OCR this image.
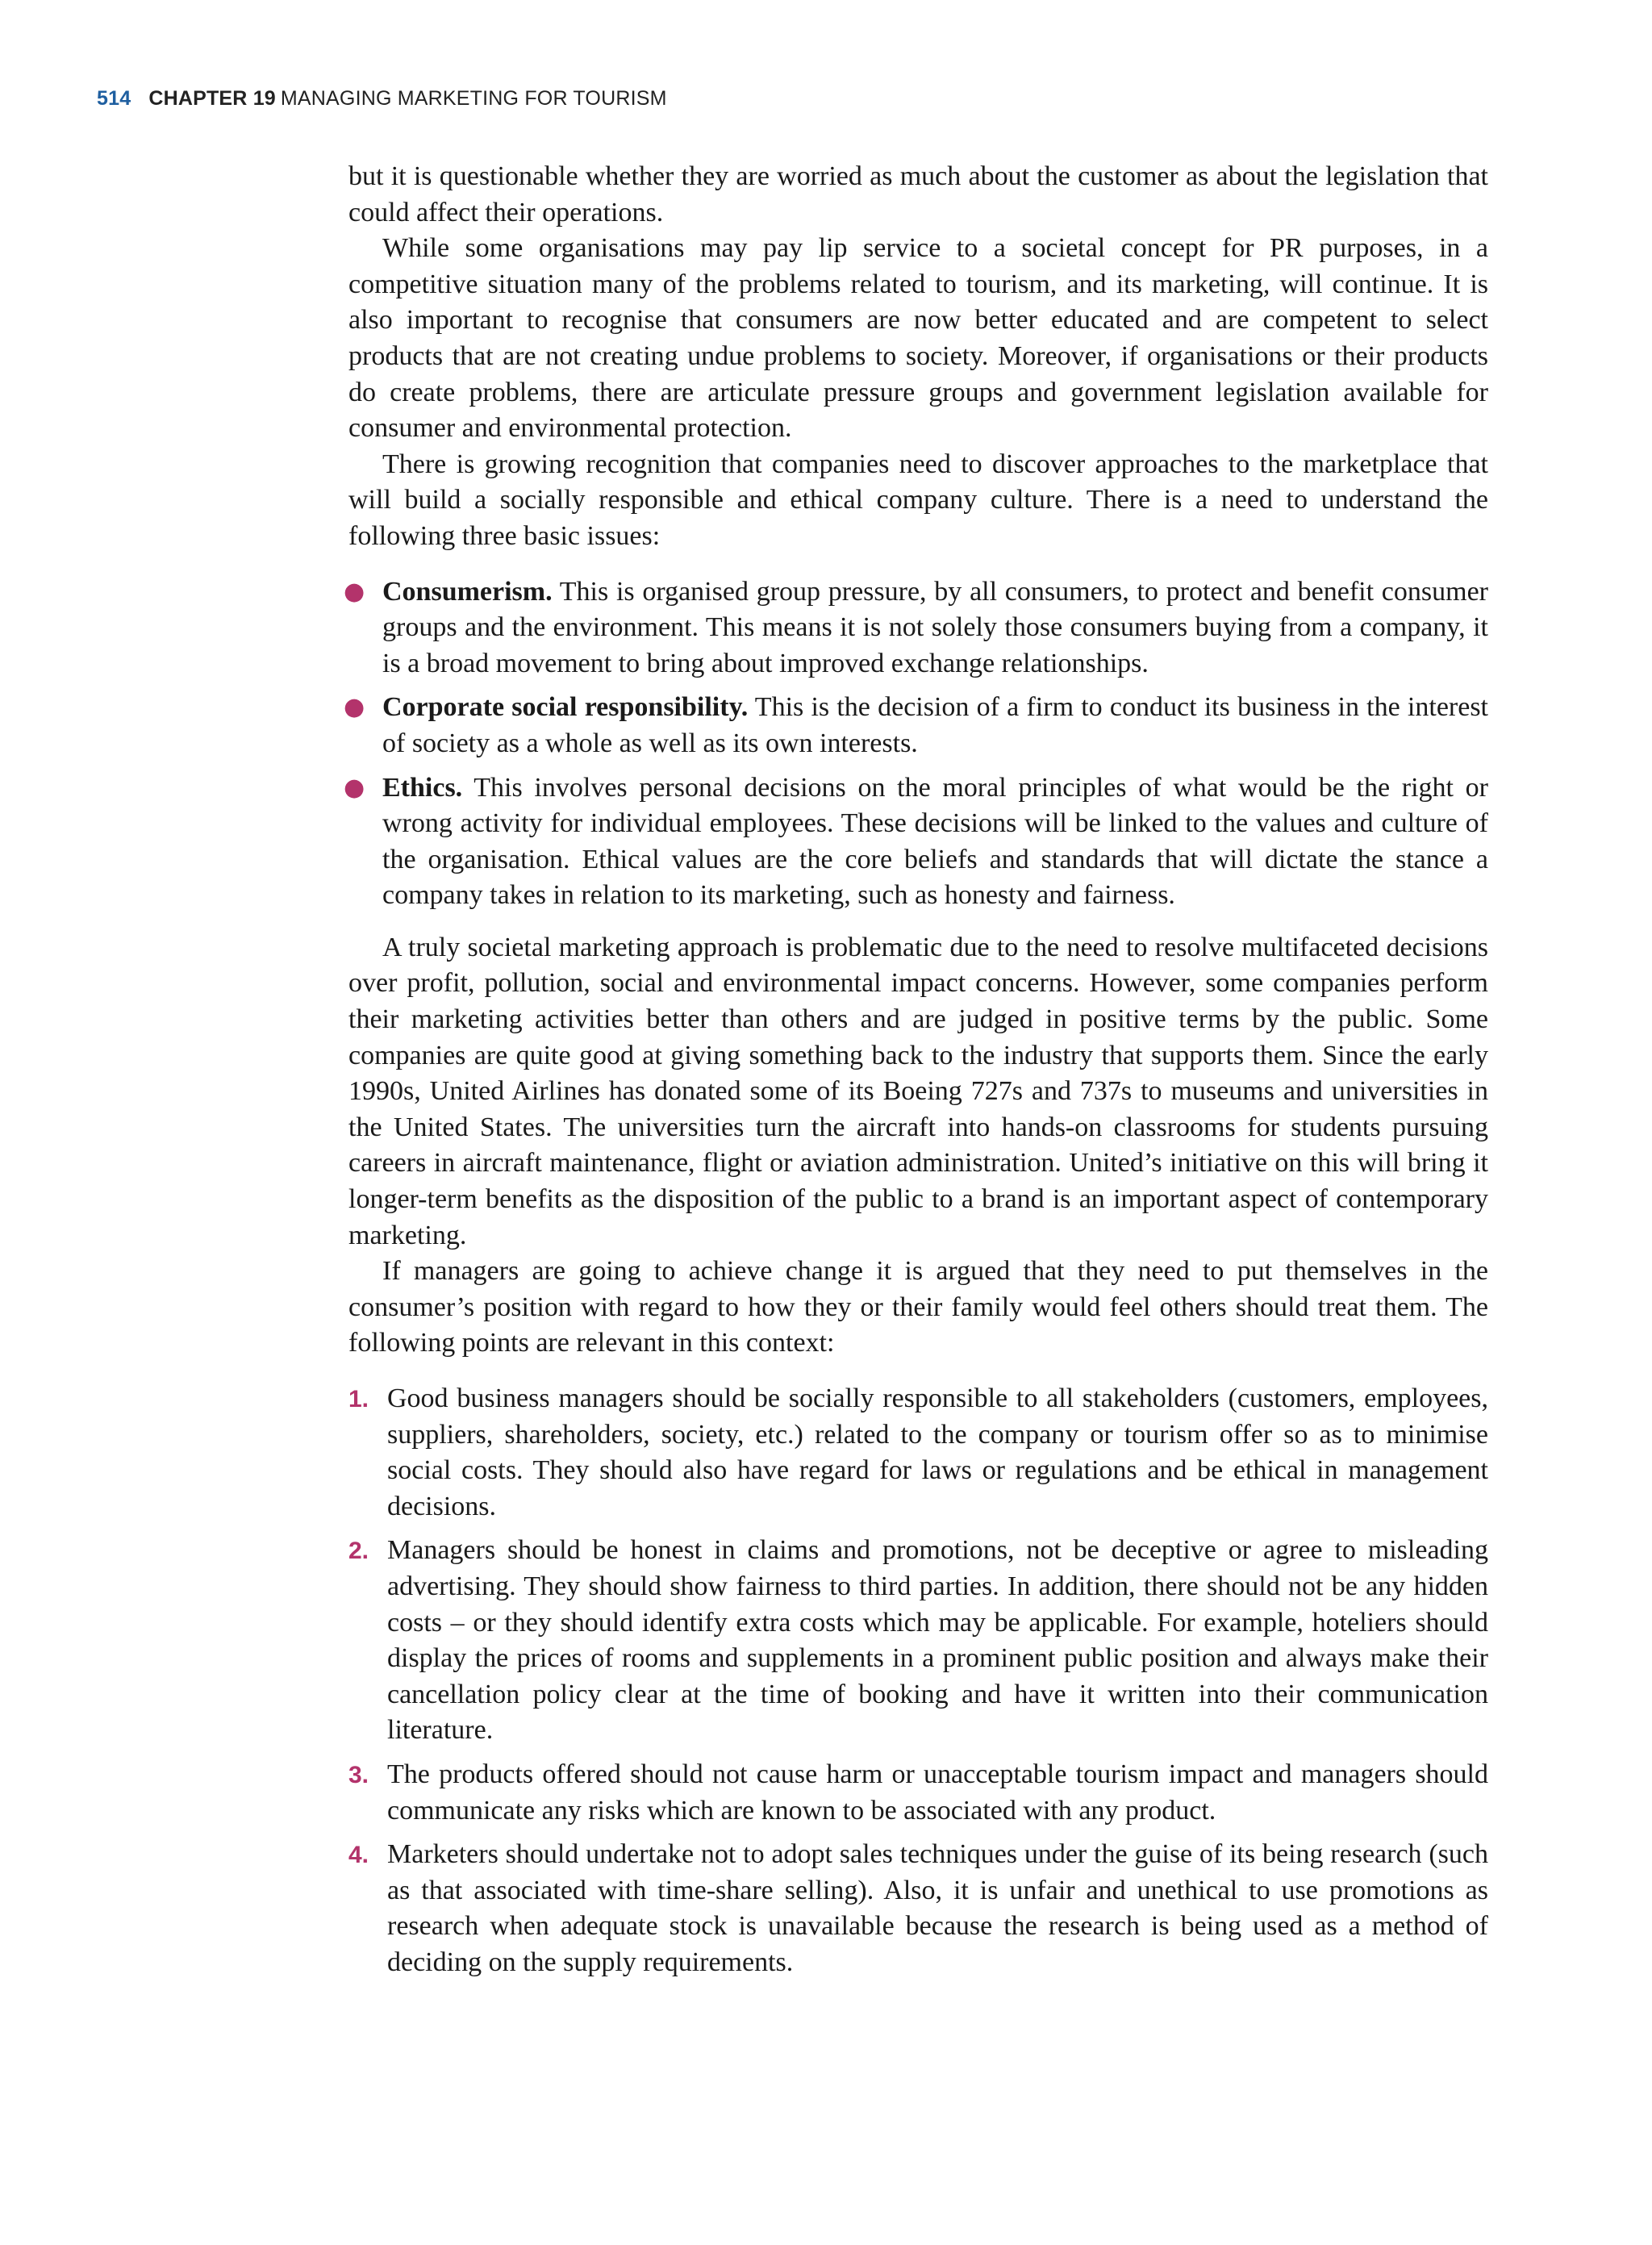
514 CHAPTER 19 MANAGING MARKETING FOR TOURISM

but it is questionable whether they are worried as much about the customer as about the legislation that could affect their operations.

While some organisations may pay lip service to a societal concept for PR purposes, in a competitive situation many of the problems related to tourism, and its marketing, will continue. It is also important to recognise that consumers are now better educated and are competent to select products that are not creating undue problems to society. Moreover, if organisations or their products do create problems, there are articulate pressure groups and government legislation available for consumer and environmental protection.

There is growing recognition that companies need to discover approaches to the marketplace that will build a socially responsible and ethical company culture. There is a need to understand the following three basic issues:

● Consumerism. This is organised group pressure, by all consumers, to protect and benefit consumer groups and the environment. This means it is not solely those consumers buying from a company, it is a broad movement to bring about improved exchange relationships.
● Corporate social responsibility. This is the decision of a firm to conduct its business in the interest of society as a whole as well as its own interests.
● Ethics. This involves personal decisions on the moral principles of what would be the right or wrong activity for individual employees. These decisions will be linked to the values and culture of the organisation. Ethical values are the core beliefs and standards that will dictate the stance a company takes in relation to its marketing, such as honesty and fairness.

A truly societal marketing approach is problematic due to the need to resolve multifaceted decisions over profit, pollution, social and environmental impact concerns. However, some companies perform their marketing activities better than others and are judged in positive terms by the public. Some companies are quite good at giving something back to the industry that supports them. Since the early 1990s, United Airlines has donated some of its Boeing 727s and 737s to museums and universities in the United States. The universities turn the aircraft into hands-on classrooms for students pursuing careers in aircraft maintenance, flight or aviation administration. United’s initiative on this will bring it longer-term benefits as the disposition of the public to a brand is an important aspect of contemporary marketing.

If managers are going to achieve change it is argued that they need to put themselves in the consumer’s position with regard to how they or their family would feel others should treat them. The following points are relevant in this context:

1. Good business managers should be socially responsible to all stakeholders (customers, employees, suppliers, shareholders, society, etc.) related to the company or tourism offer so as to minimise social costs. They should also have regard for laws or regulations and be ethical in management decisions.
2. Managers should be honest in claims and promotions, not be deceptive or agree to misleading advertising. They should show fairness to third parties. In addition, there should not be any hidden costs – or they should identify extra costs which may be applicable. For example, hoteliers should display the prices of rooms and supplements in a prominent public position and always make their cancellation policy clear at the time of booking and have it written into their communication literature.
3. The products offered should not cause harm or unacceptable tourism impact and managers should communicate any risks which are known to be associated with any product.
4. Marketers should undertake not to adopt sales techniques under the guise of its being research (such as that associated with time-share selling). Also, it is unfair and unethical to use promotions as research when adequate stock is unavailable because the research is being used as a method of deciding on the supply requirements.
